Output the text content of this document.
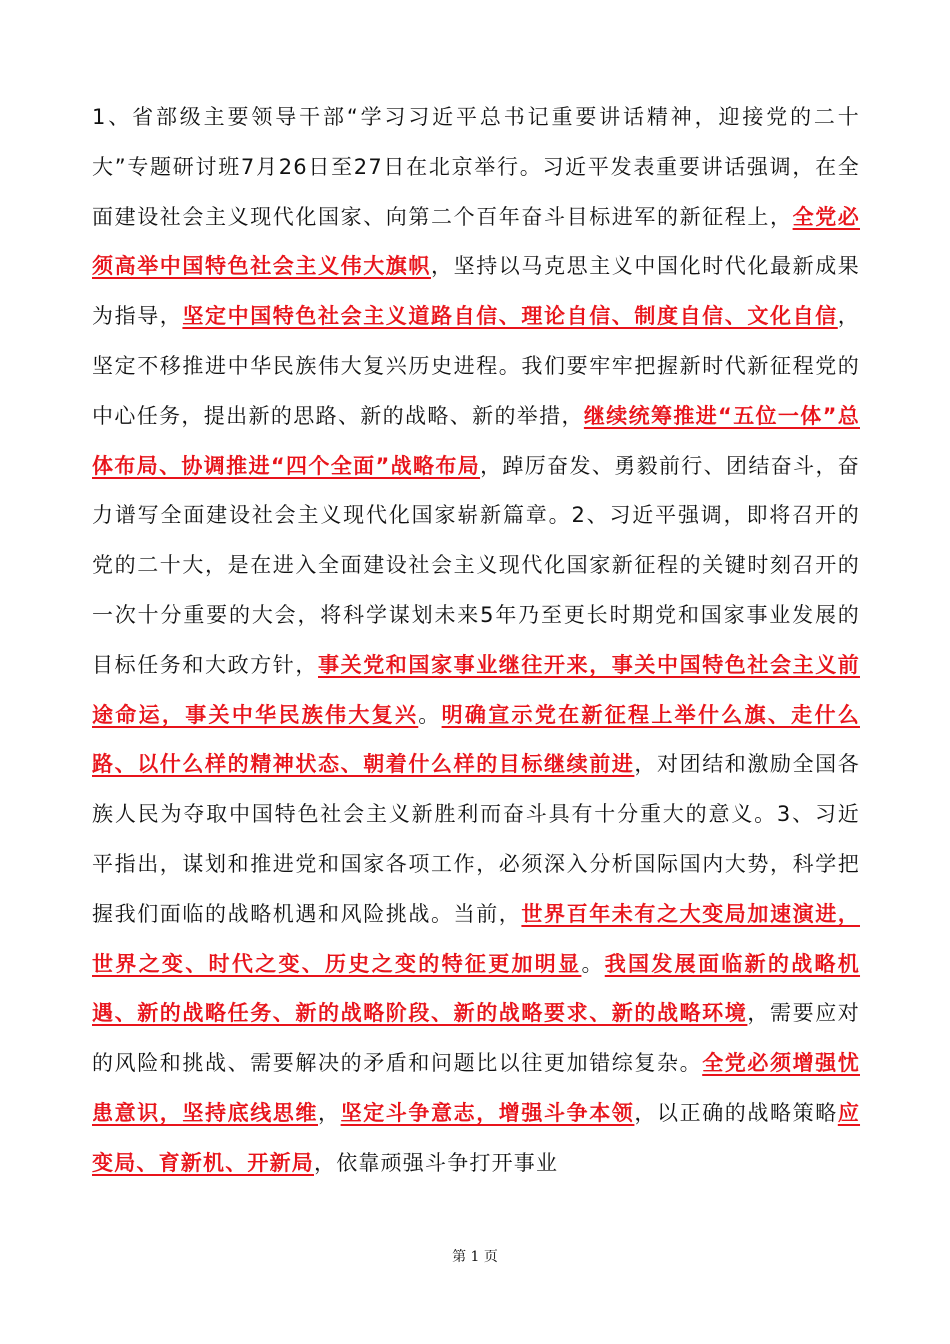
1、省部级主要领导干部“学习习近平总书记重要讲话精神，迎接党的二十大”专题研讨班7月26日至27日在北京举行。习近平发表重要讲话强调，在全面建设社会主义现代化国家、向第二个百年奋斗目标进军的新征程上，全党必须高举中国特色社会主义伟大旗帜，坚持以马克思主义中国化时代化最新成果为指导，坚定中国特色社会主义道路自信、理论自信、制度自信、文化自信，坚定不移推进中华民族伟大复兴历史进程。我们要牢牢把握新时代新征程党的中心任务，提出新的思路、新的战略、新的举措，继续统筹推进“五位一体”总体布局、协调推进“四个全面”战略布局，踔厉奋发、勇毅前行、团结奋斗，奋力谱写全面建设社会主义现代化国家崭新篇章。2、习近平强调，即将召开的党的二十大，是在进入全面建设社会主义现代化国家新征程的关键时刻召开的一次十分重要的大会，将科学谋划未来5年乃至更长时期党和国家事业发展的目标任务和大政方针，事关党和国家事业继往开来，事关中国特色社会主义前途命运，事关中华民族伟大复兴。明确宣示党在新征程上举什么旗、走什么路、以什么样的精神状态、朝着什么样的目标继续前进，对团结和激励全国各族人民为夺取中国特色社会主义新胜利而奋斗具有十分重大的意义。3、习近平指出，谋划和推进党和国家各项工作，必须深入分析国际国内大势，科学把握我们面临的战略机遇和风险挑战。当前，世界百年未有之大变局加速演进，世界之变、时代之变、历史之变的特征更加明显。我国发展面临新的战略机遇、新的战略任务、新的战略阶段、新的战略要求、新的战略环境，需要应对的风险和挑战、需要解决的矛盾和问题比以往更加错综复杂。全党必须增强忧患意识，坚持底线思维，坚定斗争意志，增强斗争本领，以正确的战略策略应变局、育新机、开新局，依靠顽强斗争打开事业

第 1 页
